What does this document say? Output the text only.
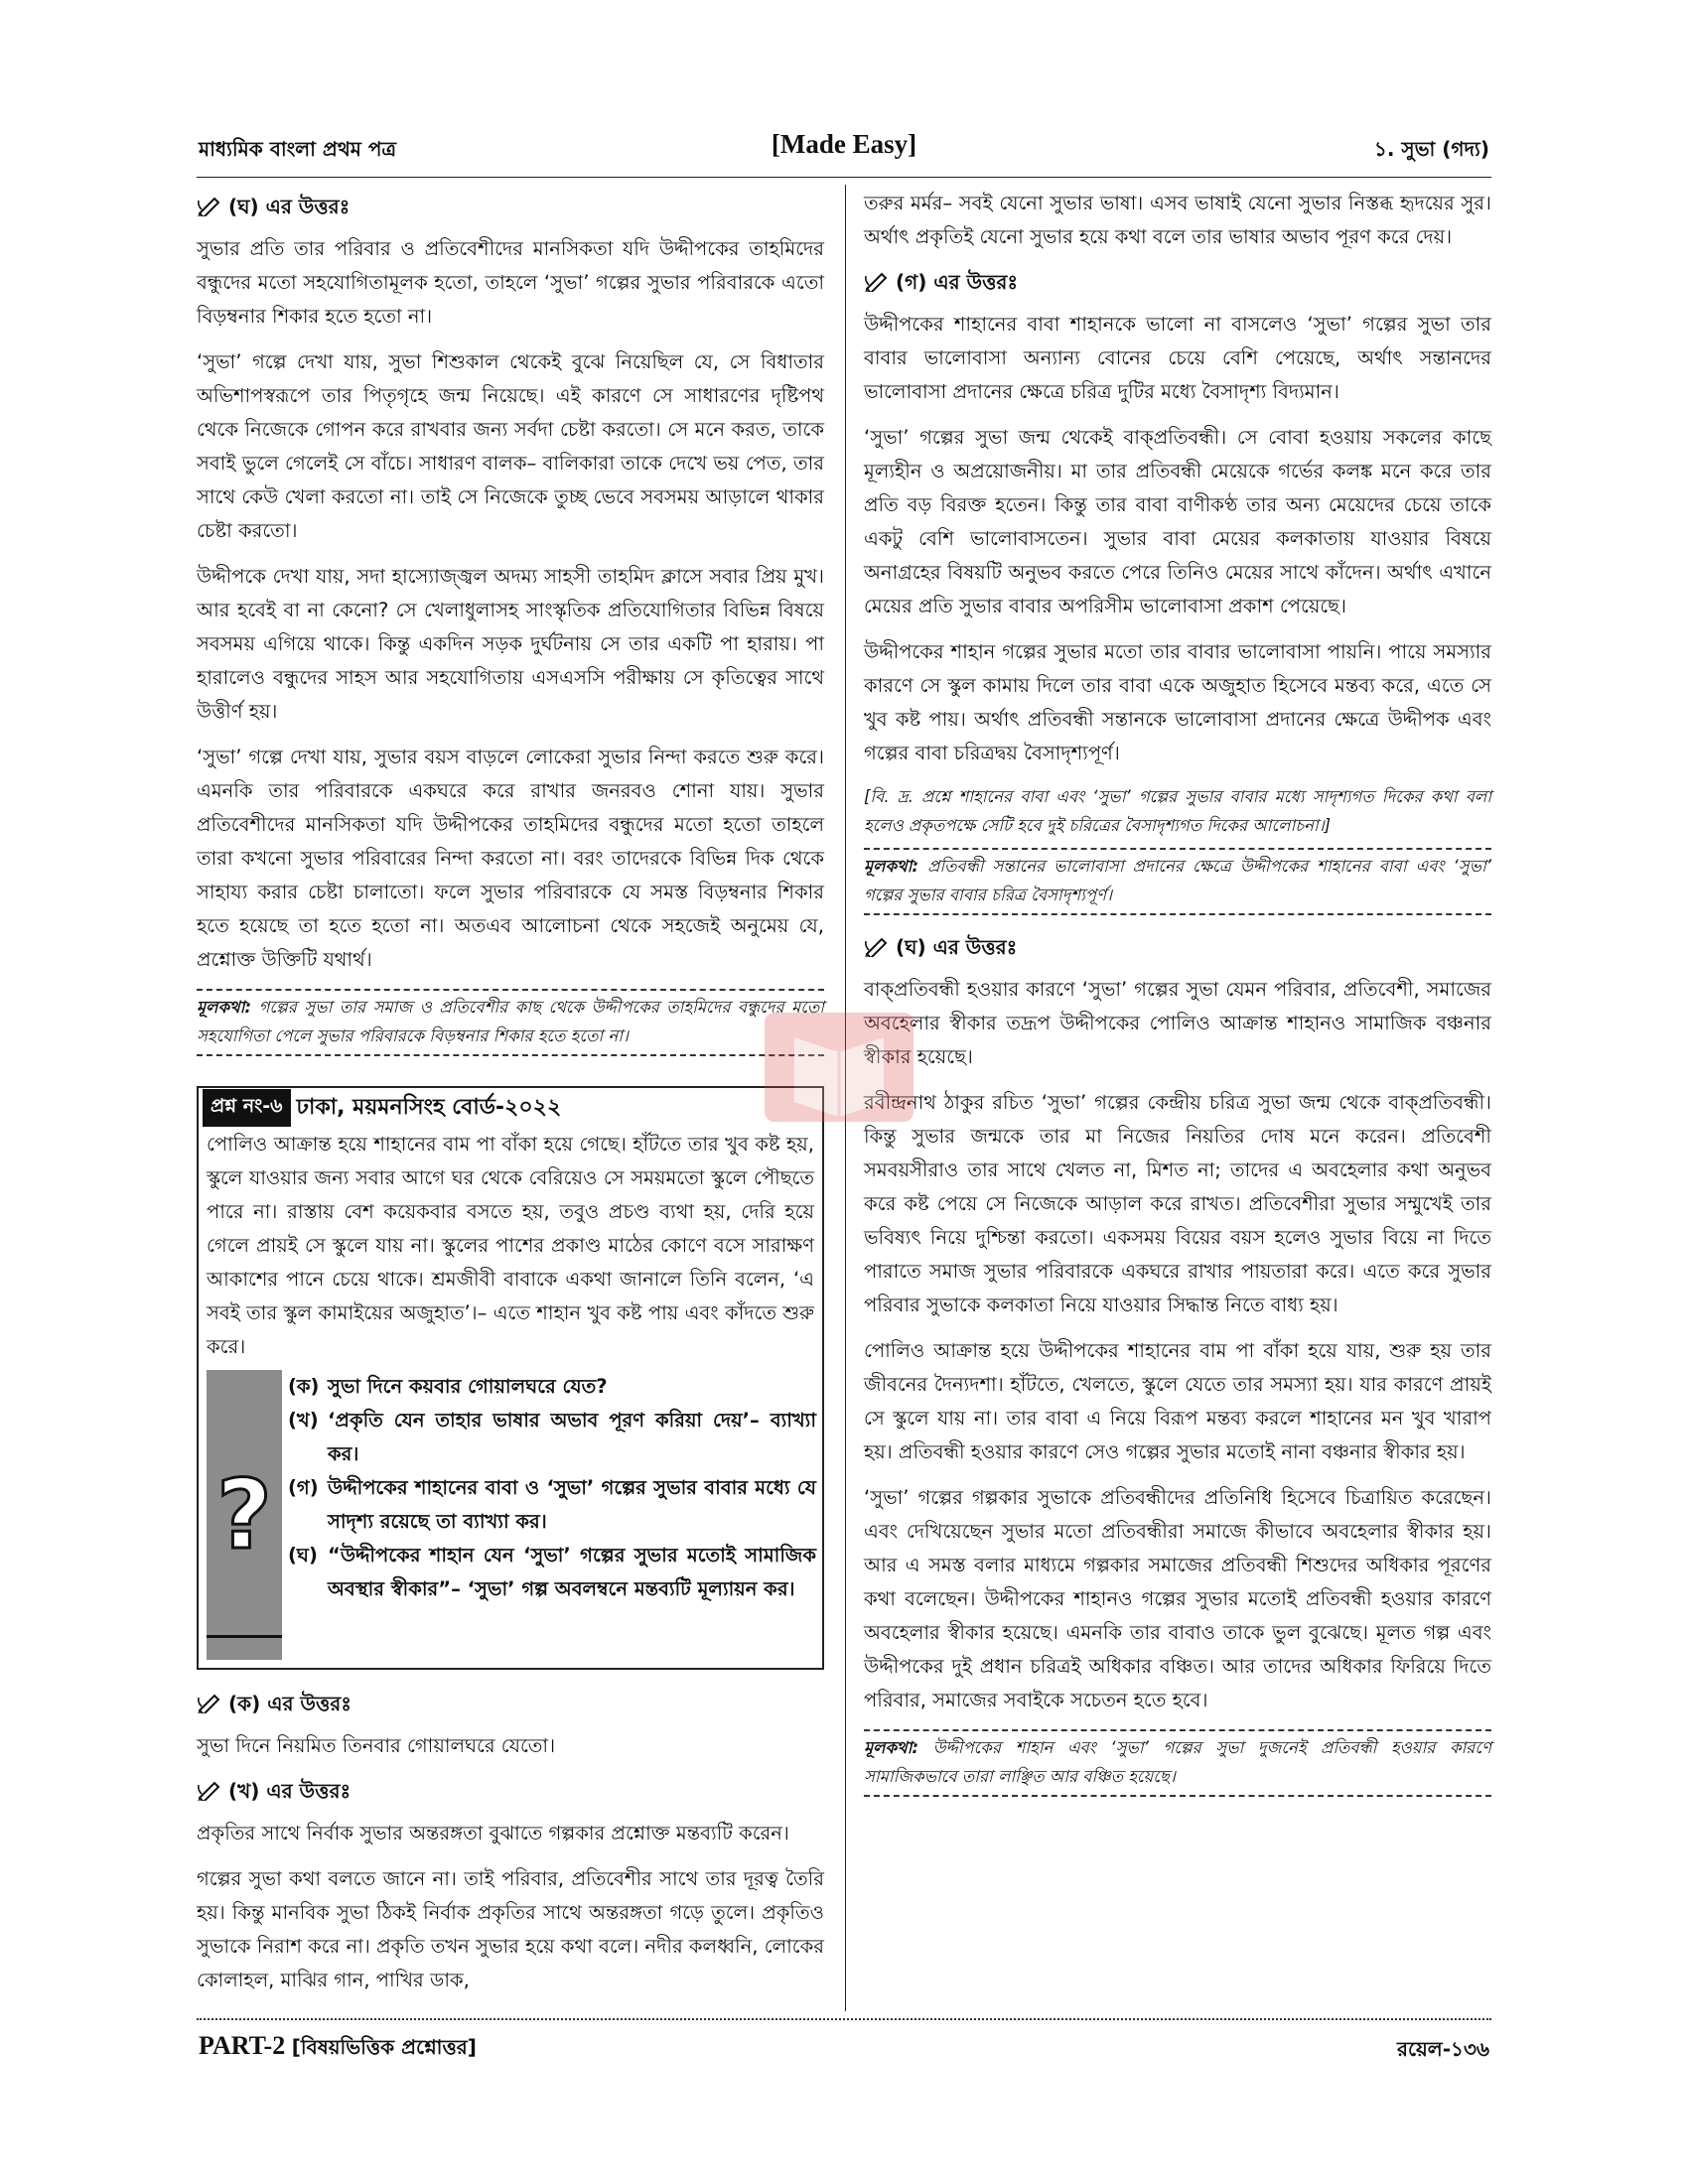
মাধ্যমিক বাংলা প্রথম পত্র	[Made Easy]	১. সুভা (গদ্য)
(ঘ) এর উত্তরঃ

সুভার প্রতি তার পরিবার ও প্রতিবেশীদের মানসিকতা যদি উদ্দীপকের তাহমিদের বন্ধুদের মতো সহযোগিতামূলক হতো, তাহলে ‘সুভা’ গল্পের সুভার পরিবারকে এতো বিড়ম্বনার শিকার হতে হতো না।

‘সুভা’ গল্পে দেখা যায়, সুভা শিশুকাল থেকেই বুঝে নিয়েছিল যে, সে বিধাতার অভিশাপস্বরূপে তার পিতৃগৃহে জন্ম নিয়েছে। এই কারণে সে সাধারণের দৃষ্টিপথ থেকে নিজেকে গোপন করে রাখবার জন্য সর্বদা চেষ্টা করতো। সে মনে করত, তাকে সবাই ভুলে গেলেই সে বাঁচে। সাধারণ বালক– বালিকারা তাকে দেখে ভয় পেত, তার সাথে কেউ খেলা করতো না। তাই সে নিজেকে তুচ্ছ ভেবে সবসময় আড়ালে থাকার চেষ্টা করতো।

উদ্দীপকে দেখা যায়, সদা হাস্যোজ্জ্বল অদম্য সাহসী তাহমিদ ক্লাসে সবার প্রিয় মুখ। আর হবেই বা না কেনো? সে খেলাধুলাসহ সাংস্কৃতিক প্রতিযোগিতার বিভিন্ন বিষয়ে সবসময় এগিয়ে থাকে। কিন্তু একদিন সড়ক দুর্ঘটনায় সে তার একটি পা হারায়। পা হারালেও বন্ধুদের সাহস আর সহযোগিতায় এসএসসি পরীক্ষায় সে কৃতিত্বের সাথে উত্তীর্ণ হয়।

‘সুভা’ গল্পে দেখা যায়, সুভার বয়স বাড়লে লোকেরা সুভার নিন্দা করতে শুরু করে। এমনকি তার পরিবারকে একঘরে করে রাখার জনরবও শোনা যায়। সুভার প্রতিবেশীদের মানসিকতা যদি উদ্দীপকের তাহমিদের বন্ধুদের মতো হতো তাহলে তারা কখনো সুভার পরিবারের নিন্দা করতো না। বরং তাদেরকে বিভিন্ন দিক থেকে সাহায্য করার চেষ্টা চালাতো। ফলে সুভার পরিবারকে যে সমস্ত বিড়ম্বনার শিকার হতে হয়েছে তা হতে হতো না। অতএব আলোচনা থেকে সহজেই অনুমেয় যে, প্রশ্নোক্ত উক্তিটি যথার্থ।

মূলকথা: গল্পের সুভা তার সমাজ ও প্রতিবেশীর কাছ থেকে উদ্দীপকের তাহমিদের বন্ধুদের মতো সহযোগিতা পেলে সুভার পরিবারকে বিড়ম্বনার শিকার হতে হতো না।
প্রশ্ন নং-৬ ঢাকা, ময়মনসিংহ বোর্ড-২০২২

পোলিও আক্রান্ত হয়ে শাহানের বাম পা বাঁকা হয়ে গেছে। হাঁটতে তার খুব কষ্ট হয়, স্কুলে যাওয়ার জন্য সবার আগে ঘর থেকে বেরিয়েও সে সময়মতো স্কুলে পৌছতে পারে না। রাস্তায় বেশ কয়েকবার বসতে হয়, তবুও প্রচণ্ড ব্যথা হয়, দেরি হয়ে গেলে প্রায়ই সে স্কুলে যায় না। স্কুলের পাশের প্রকাণ্ড মাঠের কোণে বসে সারাক্ষণ আকাশের পানে চেয়ে থাকে। শ্রমজীবী বাবাকে একথা জানালে তিনি বলেন, ‘এ সবই তার স্কুল কামাইয়ের অজুহাত’।– এতে শাহান খুব কষ্ট পায় এবং কাঁদতে শুরু করে।

?
(ক) সুভা দিনে কয়বার গোয়ালঘরে যেত?
(খ) ‘প্রকৃতি যেন তাহার ভাষার অভাব পূরণ করিয়া দেয়’– ব্যাখ্যা কর।
(গ) উদ্দীপকের শাহানের বাবা ও ‘সুভা’ গল্পের সুভার বাবার মধ্যে যে সাদৃশ্য রয়েছে তা ব্যাখ্যা কর।
(ঘ) “উদ্দীপকের শাহান যেন ‘সুভা’ গল্পের সুভার মতোই সামাজিক অবস্থার স্বীকার”– ‘সুভা’ গল্প অবলম্বনে মন্তব্যটি মূল্যায়ন কর।
(ক) এর উত্তরঃ

সুভা দিনে নিয়মিত তিনবার গোয়ালঘরে যেতো।

(খ) এর উত্তরঃ

প্রকৃতির সাথে নির্বাক সুভার অন্তরঙ্গতা বুঝাতে গল্পকার প্রশ্নোক্ত মন্তব্যটি করেন।

গল্পের সুভা কথা বলতে জানে না। তাই পরিবার, প্রতিবেশীর সাথে তার দূরত্ব তৈরি হয়। কিন্তু মানবিক সুভা ঠিকই নির্বাক প্রকৃতির সাথে অন্তরঙ্গতা গড়ে তুলে। প্রকৃতিও সুভাকে নিরাশ করে না। প্রকৃতি তখন সুভার হয়ে কথা বলে। নদীর কলধ্বনি, লোকের কোলাহল, মাঝির গান, পাখির ডাক,

তরুর মর্মর– সবই যেনো সুভার ভাষা। এসব ভাষাই যেনো সুভার নিস্তব্ধ হৃদয়ের সুর। অর্থাৎ প্রকৃতিই যেনো সুভার হয়ে কথা বলে তার ভাষার অভাব পূরণ করে দেয়।

(গ) এর উত্তরঃ

উদ্দীপকের শাহানের বাবা শাহানকে ভালো না বাসলেও ‘সুভা’ গল্পের সুভা তার বাবার ভালোবাসা অন্যান্য বোনের চেয়ে বেশি পেয়েছে, অর্থাৎ সন্তানদের ভালোবাসা প্রদানের ক্ষেত্রে চরিত্র দুটির মধ্যে বৈসাদৃশ্য বিদ্যমান।

‘সুভা’ গল্পের সুভা জন্ম থেকেই বাক্প্রতিবন্ধী। সে বোবা হওয়ায় সকলের কাছে মূল্যহীন ও অপ্রয়োজনীয়। মা তার প্রতিবন্ধী মেয়েকে গর্ভের কলঙ্ক মনে করে তার প্রতি বড় বিরক্ত হতেন। কিন্তু তার বাবা বাণীকণ্ঠ তার অন্য মেয়েদের চেয়ে তাকে একটু বেশি ভালোবাসতেন। সুভার বাবা মেয়ের কলকাতায় যাওয়ার বিষয়ে অনাগ্রহের বিষয়টি অনুভব করতে পেরে তিনিও মেয়ের সাথে কাঁদেন। অর্থাৎ এখানে মেয়ের প্রতি সুভার বাবার অপরিসীম ভালোবাসা প্রকাশ পেয়েছে।

উদ্দীপকের শাহান গল্পের সুভার মতো তার বাবার ভালোবাসা পায়নি। পায়ে সমস্যার কারণে সে স্কুল কামায় দিলে তার বাবা একে অজুহাত হিসেবে মন্তব্য করে, এতে সে খুব কষ্ট পায়। অর্থাৎ প্রতিবন্ধী সন্তানকে ভালোবাসা প্রদানের ক্ষেত্রে উদ্দীপক এবং গল্পের বাবা চরিত্রদ্বয় বৈসাদৃশ্যপূর্ণ।

[বি. দ্র. প্রশ্নে শাহানের বাবা এবং ‘সুভা’ গল্পের সুভার বাবার মধ্যে সাদৃশ্যগত দিকের কথা বলা হলেও প্রকৃতপক্ষে সেটি হবে দুই চরিত্রের বৈসাদৃশ্যগত দিকের আলোচনা।]
মূলকথা: প্রতিবন্ধী সন্তানের ভালোবাসা প্রদানের ক্ষেত্রে উদ্দীপকের শাহানের বাবা এবং ‘সুভা’ গল্পের সুভার বাবার চরিত্র বৈসাদৃশ্যপূর্ণ।
(ঘ) এর উত্তরঃ

বাক্প্রতিবন্ধী হওয়ার কারণে ‘সুভা’ গল্পের সুভা যেমন পরিবার, প্রতিবেশী, সমাজের অবহেলার স্বীকার তদ্রূপ উদ্দীপকের পোলিও আক্রান্ত শাহানও সামাজিক বঞ্চনার স্বীকার হয়েছে।

রবীন্দ্রনাথ ঠাকুর রচিত ‘সুভা’ গল্পের কেন্দ্রীয় চরিত্র সুভা জন্ম থেকে বাক্প্রতিবন্ধী। কিন্তু সুভার জন্মকে তার মা নিজের নিয়তির দোষ মনে করেন। প্রতিবেশী সমবয়সীরাও তার সাথে খেলত না, মিশত না; তাদের এ অবহেলার কথা অনুভব করে কষ্ট পেয়ে সে নিজেকে আড়াল করে রাখত। প্রতিবেশীরা সুভার সম্মুখেই তার ভবিষ্যৎ নিয়ে দুশ্চিন্তা করতো। একসময় বিয়ের বয়স হলেও সুভার বিয়ে না দিতে পারাতে সমাজ সুভার পরিবারকে একঘরে রাখার পায়তারা করে। এতে করে সুভার পরিবার সুভাকে কলকাতা নিয়ে যাওয়ার সিদ্ধান্ত নিতে বাধ্য হয়।

পোলিও আক্রান্ত হয়ে উদ্দীপকের শাহানের বাম পা বাঁকা হয়ে যায়, শুরু হয় তার জীবনের দৈন্যদশা। হাঁটতে, খেলতে, স্কুলে যেতে তার সমস্যা হয়। যার কারণে প্রায়ই সে স্কুলে যায় না। তার বাবা এ নিয়ে বিরূপ মন্তব্য করলে শাহানের মন খুব খারাপ হয়। প্রতিবন্ধী হওয়ার কারণে সেও গল্পের সুভার মতোই নানা বঞ্চনার স্বীকার হয়।

‘সুভা’ গল্পের গল্পকার সুভাকে প্রতিবন্ধীদের প্রতিনিধি হিসেবে চিত্রায়িত করেছেন। এবং দেখিয়েছেন সুভার মতো প্রতিবন্ধীরা সমাজে কীভাবে অবহেলার স্বীকার হয়। আর এ সমস্ত বলার মাধ্যমে গল্পকার সমাজের প্রতিবন্ধী শিশুদের অধিকার পূরণের কথা বলেছেন। উদ্দীপকের শাহানও গল্পের সুভার মতোই প্রতিবন্ধী হওয়ার কারণে অবহেলার স্বীকার হয়েছে। এমনকি তার বাবাও তাকে ভুল বুঝেছে। মূলত গল্প এবং উদ্দীপকের দুই প্রধান চরিত্রই অধিকার বঞ্চিত। আর তাদের অধিকার ফিরিয়ে দিতে পরিবার, সমাজের সবাইকে সচেতন হতে হবে।

মূলকথা: উদ্দীপকের শাহান এবং ‘সুভা’ গল্পের সুভা দুজনেই প্রতিবন্ধী হওয়ার কারণে সামাজিকভাবে তারা লাঞ্ছিত আর বঞ্চিত হয়েছে।
PART-2 [বিষয়ভিত্তিক প্রশ্নোত্তর]	রয়েল-১৩৬
